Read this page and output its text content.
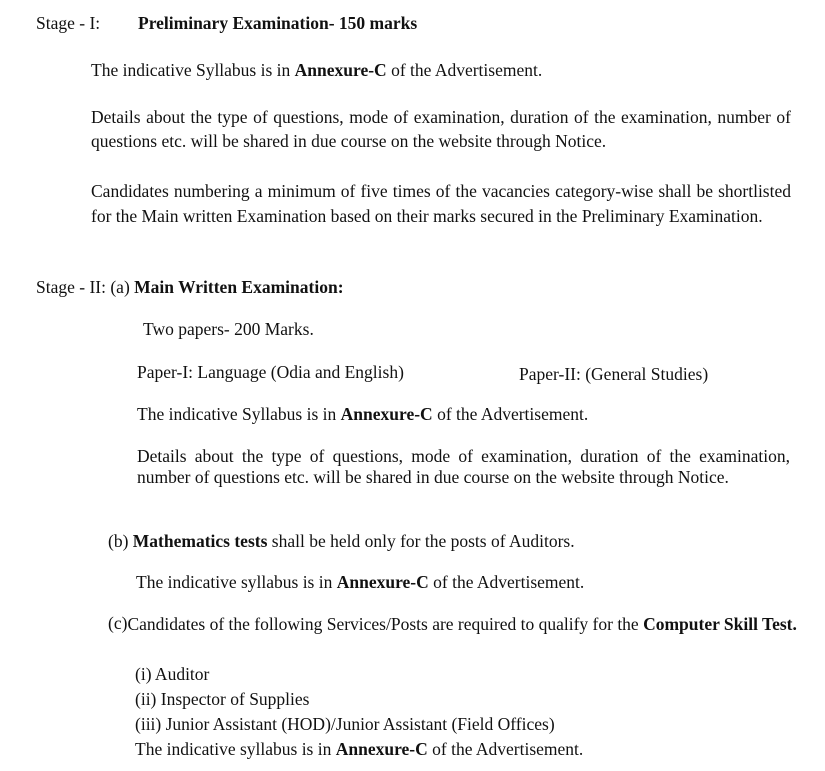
Stage - I: Preliminary Examination- 150 marks

The indicative Syllabus is in Annexure-C of the Advertisement.

Details about the type of questions, mode of examination, duration of the examination, number of questions etc. will be shared in due course on the website through Notice.

Candidates numbering a minimum of five times of the vacancies category-wise shall be shortlisted for the Main written Examination based on their marks secured in the Preliminary Examination.

Stage - II: (a) Main Written Examination:

Two papers- 200 Marks.

Paper-I: Language (Odia and English)	Paper-II: (General Studies)

The indicative Syllabus is in Annexure-C of the Advertisement.

Details about the type of questions, mode of examination, duration of the examination, number of questions etc. will be shared in due course on the website through Notice.

(b) Mathematics tests shall be held only for the posts of Auditors.

The indicative syllabus is in Annexure-C of the Advertisement.

(c) Candidates of the following Services/Posts are required to qualify for the Computer Skill Test.
(i) Auditor
(ii) Inspector of Supplies
(iii) Junior Assistant (HOD)/Junior Assistant (Field Offices)
The indicative syllabus is in Annexure-C of the Advertisement.
